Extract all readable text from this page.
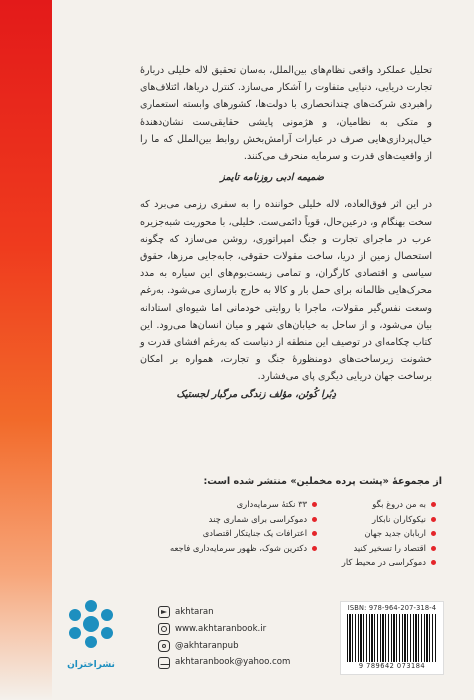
تحلیل عملکرد واقعی نظام‌های بین‌الملل، به‌سان تحقیق لاله خلیلی دربارهٔ تجارت دریایی، دنیایی متفاوت را آشکار می‌سازد. کنترل دریاها، ائتلاف‌های راهبردی شرکت‌های چندانحصاری با دولت‌ها، کشورهای وابسته استعماری و متکی به نظامیان، و هژمونی پایشی حقایقی‌ست نشان‌دهندهٔ خیال‌پردازی‌هایی صرف در عبارات آرامش‌بخش روابط بین‌الملل که ما را از واقعیت‌های قدرت و سرمایه منحرف می‌کنند.

ضمیمه ادبی روزنامه تایمز

در این اثر فوق‌العاده، لاله خلیلی خواننده را به سفری رزمی می‌برد که سخت بهنگام و، درعین‌حال، قویاً دائمی‌ست. خلیلی، با محوریت شبه‌جزیره عرب در ماجرای تجارت و جنگ امپراتوری، روشن می‌سازد که چگونه استحصال زمین از دریا، ساخت مقولات حقوقی، جابه‌جایی مرزها، حقوق سیاسی و اقتصادی کارگران، و تمامی زیست‌بوم‌های این سیاره به مدد محرک‌هایی ظالمانه برای حمل بار و کالا به خارج بازسازی می‌شود. به‌رغم وسعت نفس‌گیر مقولات، ماجرا با روایتی خودمانی اما شیوه‌ای استادانه بیان می‌شود، و از ساحل به خیابان‌های شهر و میان انسان‌ها می‌رود. این کتاب چکامه‌ای در توصیف این منطقه از دنیاست که به‌رغم افشای قدرت و خشونت زیرساخت‌های دومنظورهٔ جنگ و تجارت، همواره بر امکان برساخت جهان دریایی دیگری پای می‌فشارد.

دِبُرا کُوئن، مؤلف زندگی مرگبار لجستیک

از مجموعهٔ «پشت پرده مخملین» منتشر شده است:
به من دروغ بگو
۳۳ نکتهٔ سرمایه‌داری
نیکوکاران نابکار
دموکراسی برای شماری چند
اربابان جدید جهان
اعترافات یک جنایتکار اقتصادی
اقتصاد را تسخیر کنید
دکترین شوک، ظهور سرمایه‌داری فاجعه
دموکراسی در محیط کار
نشراختران
akhtaran
www.akhtaranbook.ir
@akhtaranpub
akhtaranbook@yahoo.com
ISBN: 978-964-207-318-4
9 789642 073184
